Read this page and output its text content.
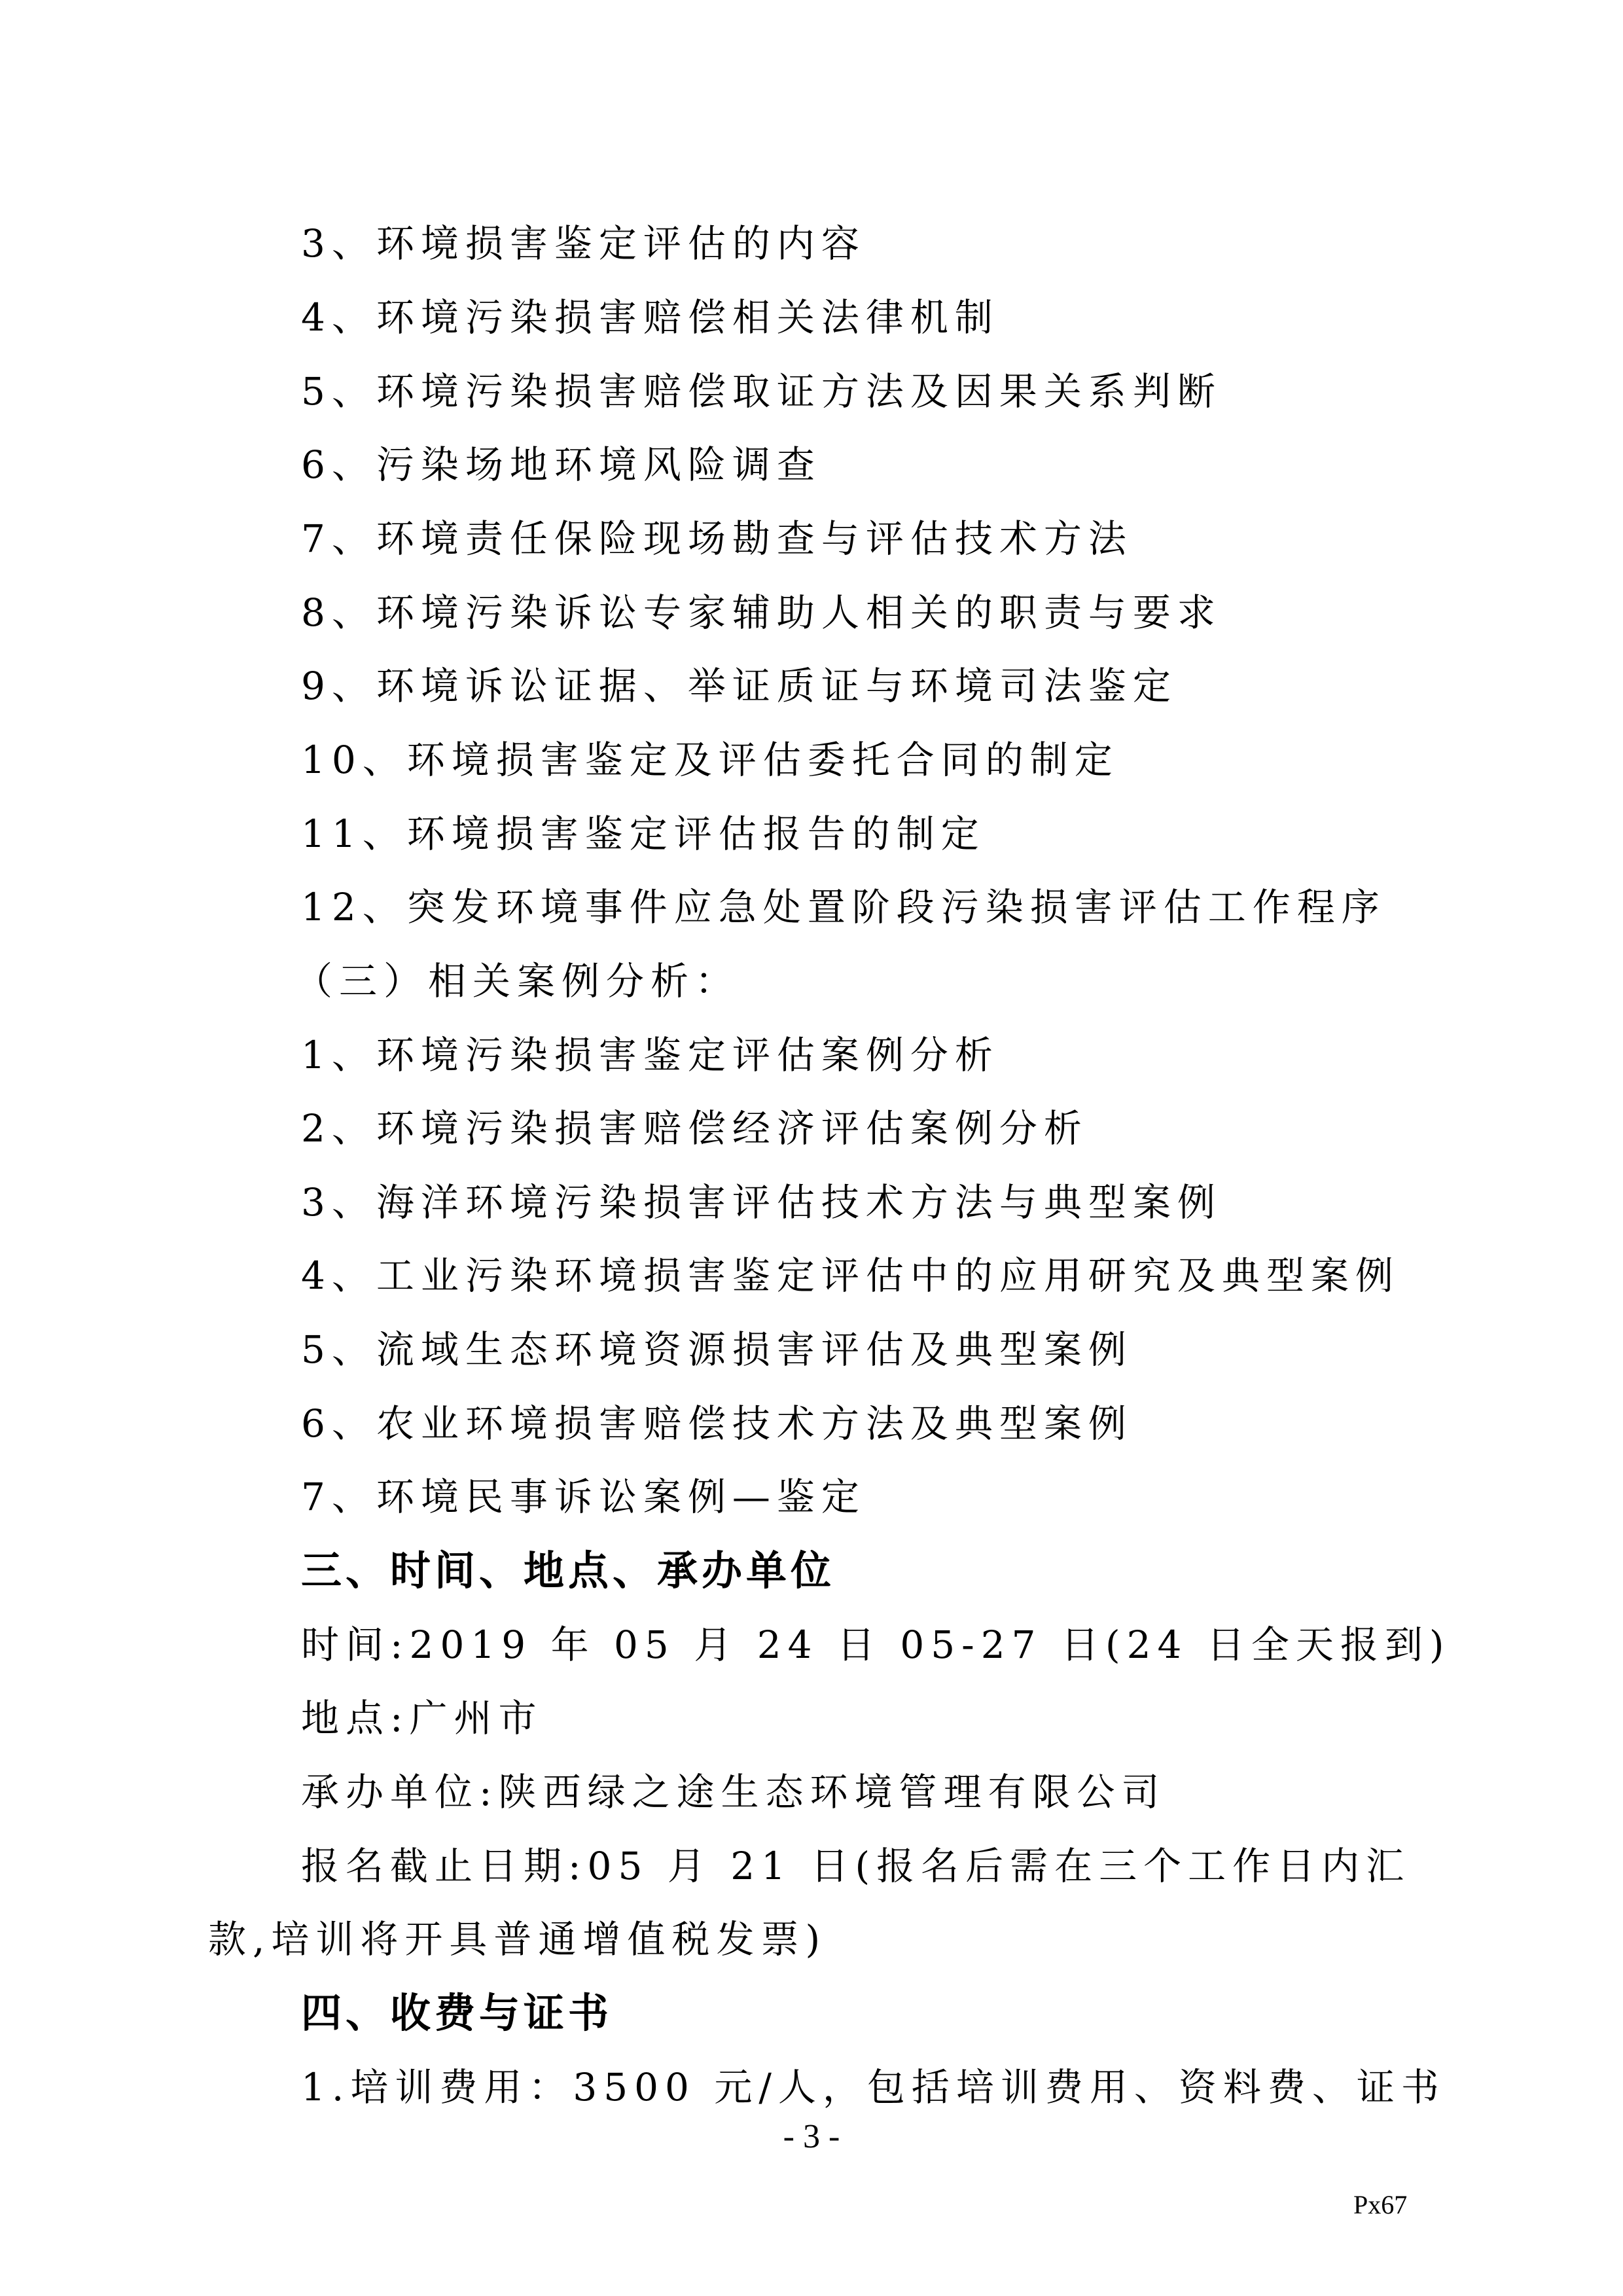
3、环境损害鉴定评估的内容
4、环境污染损害赔偿相关法律机制
5、环境污染损害赔偿取证方法及因果关系判断
6、污染场地环境风险调查
7、环境责任保险现场勘查与评估技术方法
8、环境污染诉讼专家辅助人相关的职责与要求
9、环境诉讼证据、举证质证与环境司法鉴定
10、环境损害鉴定及评估委托合同的制定
11、环境损害鉴定评估报告的制定
12、突发环境事件应急处置阶段污染损害评估工作程序
（三）相关案例分析：
1、环境污染损害鉴定评估案例分析
2、环境污染损害赔偿经济评估案例分析
3、海洋环境污染损害评估技术方法与典型案例
4、工业污染环境损害鉴定评估中的应用研究及典型案例
5、流域生态环境资源损害评估及典型案例
6、农业环境损害赔偿技术方法及典型案例
7、环境民事诉讼案例—鉴定
三、时间、地点、承办单位
时间:2019 年 05 月 24 日 05-27 日(24 日全天报到)
地点:广州市
承办单位:陕西绿之途生态环境管理有限公司
报名截止日期:05 月 21 日(报名后需在三个工作日内汇
款,培训将开具普通增值税发票)
四、收费与证书
1.培训费用：3500 元/人，包括培训费用、资料费、证书
- 3 -
Px67
